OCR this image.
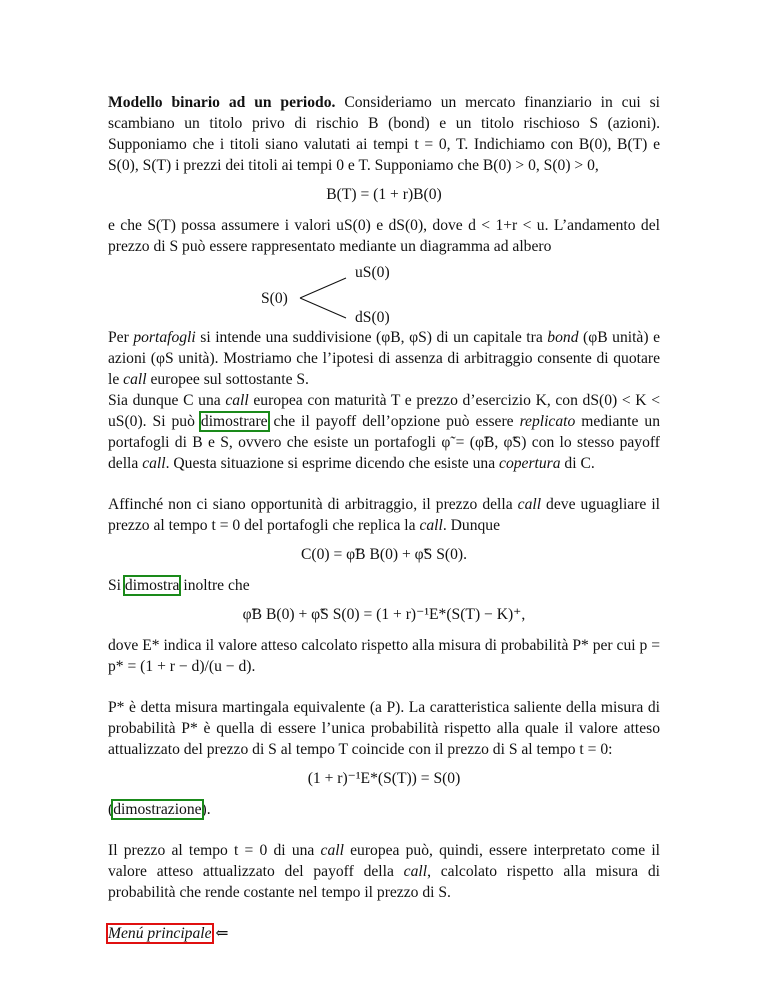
Modello binario ad un periodo. Consideriamo un mercato finanziario in cui si scambiano un titolo privo di rischio B (bond) e un titolo rischioso S (azioni). Supponiamo che i titoli siano valutati ai tempi t = 0, T. Indichiamo con B(0), B(T) e S(0), S(T) i prezzi dei titoli ai tempi 0 e T. Supponiamo che B(0) > 0, S(0) > 0,

B(T) = (1 + r)B(0)

e che S(T) possa assumere i valori uS(0) e dS(0), dove d < 1+r < u. L’andamento del prezzo di S può essere rappresentato mediante un diagramma ad albero

S(0)
uS(0)
dS(0)

Per portafogli si intende una suddivisione (φB, φS) di un capitale tra bond (φB unità) e azioni (φS unità). Mostriamo che l’ipotesi di assenza di arbitraggio consente di quotare le call europee sul sottostante S.

Sia dunque C una call europea con maturità T e prezzo d’esercizio K, con dS(0) < K < uS(0). Si può dimostrare che il payoff dell’opzione può essere replicato mediante un portafogli di B e S, ovvero che esiste un portafogli φ̃ = (φ̃B, φ̃S) con lo stesso payoff della call. Questa situazione si esprime dicendo che esiste una copertura di C.

Affinché non ci siano opportunità di arbitraggio, il prezzo della call deve uguagliare il prezzo al tempo t = 0 del portafogli che replica la call. Dunque

C(0) = φ̃B B(0) + φ̃S S(0).

Si dimostra inoltre che

φ̃B B(0) + φ̃S S(0) = (1 + r)⁻¹E*(S(T) − K)⁺,

dove E* indica il valore atteso calcolato rispetto alla misura di probabilità P* per cui p = p* = (1 + r − d)/(u − d).

P* è detta misura martingala equivalente (a P). La caratteristica saliente della misura di probabilità P* è quella di essere l’unica probabilità rispetto alla quale il valore atteso attualizzato del prezzo di S al tempo T coincide con il prezzo di S al tempo t = 0:

(1 + r)⁻¹E*(S(T)) = S(0)

(dimostrazione).

Il prezzo al tempo t = 0 di una call europea può, quindi, essere interpretato come il valore atteso attualizzato del payoff della call, calcolato rispetto alla misura di probabilità che rende costante nel tempo il prezzo di S.

Menú principale ⇐
